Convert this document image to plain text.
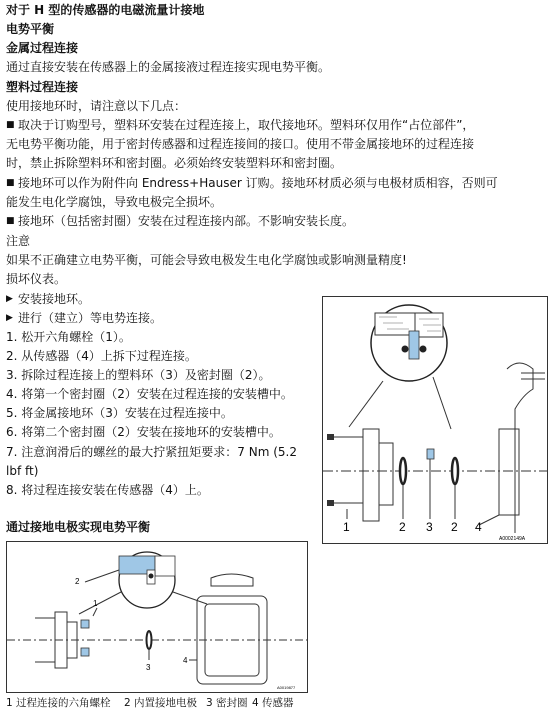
对于 H 型的传感器的电磁流量计接地
电势平衡
金属过程连接
通过直接安装在传感器上的金属接液过程连接实现电势平衡。
塑料过程连接
使用接地环时，请注意以下几点：
■ 取决于订购型号，塑料环安装在过程连接上，取代接地环。塑料环仅用作“占位部件”，
无电势平衡功能，用于密封传感器和过程连接间的接口。使用不带金属接地环的过程连接
时，禁止拆除塑料环和密封圈。必须始终安装塑料环和密封圈。
■ 接地环可以作为附件向 Endress+Hauser 订购。接地环材质必须与电极材质相容，否则可
能发生电化学腐蚀，导致电极完全损坏。
■ 接地环（包括密封圈）安装在过程连接内部。不影响安装长度。
注意
如果不正确建立电势平衡，可能会导致电极发生电化学腐蚀或影响测量精度!
损坏仪表。
▶ 安装接地环。
▶ 进行（建立）等电势连接。
1. 松开六角螺栓（1）。
2. 从传感器（4）上拆下过程连接。
3. 拆除过程连接上的塑料环（3）及密封圈（2）。
4. 将第一个密封圈（2）安装在过程连接的安装槽中。
5. 将金属接地环（3）安装在过程连接中。
6. 将第二个密封圈（2）安装在接地环的安装槽中。
7. 注意润滑后的螺丝的最大拧紧扭矩要求：7 Nm (5.2
lbf ft)
8. 将过程连接安装在传感器（4）上。
1	2 3 2 4
A0002149A
通过接地电极实现电势平衡
2
1
3
4
A0019877
1 过程连接的六角螺栓 2 内置接地电极 3 密封圈 4 传感器
